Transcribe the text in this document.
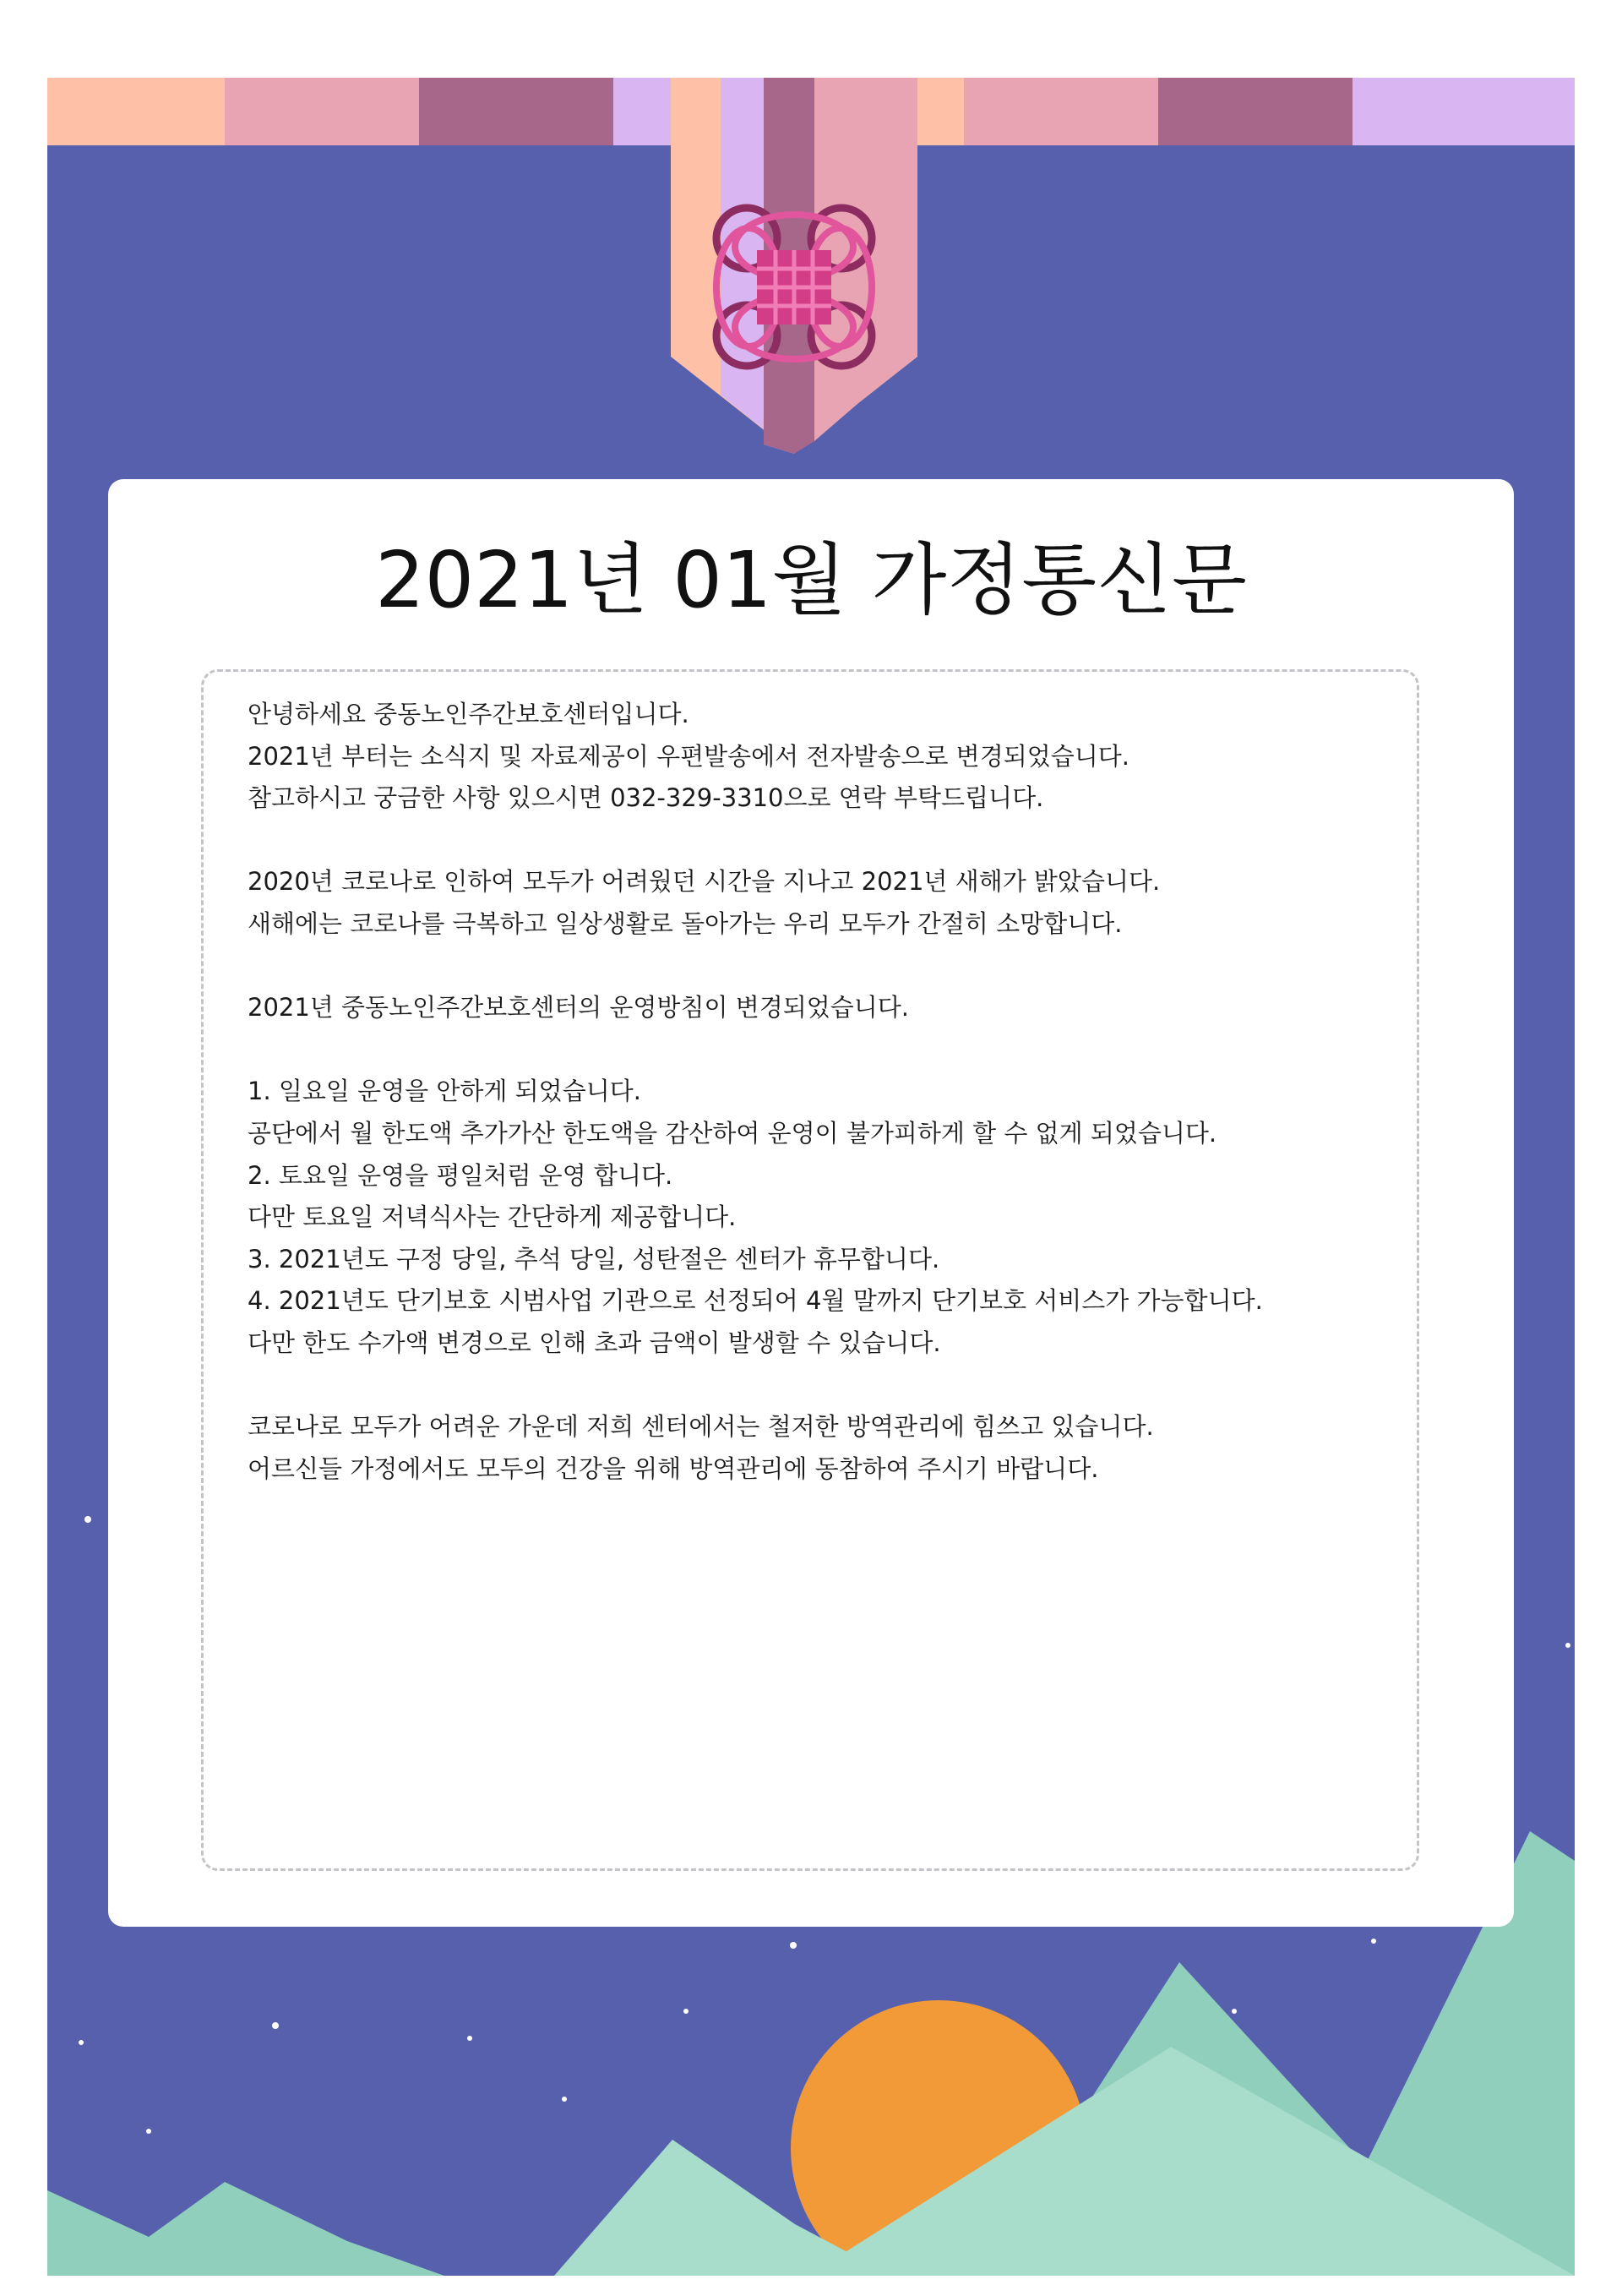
2021년 01월 가정통신문

안녕하세요 중동노인주간보호센터입니다.

2021년 부터는 소식지 및 자료제공이 우편발송에서 전자발송으로 변경되었습니다.

참고하시고 궁금한 사항 있으시면 032-329-3310으로 연락 부탁드립니다.

2020년 코로나로 인하여 모두가 어려웠던 시간을 지나고 2021년 새해가 밝았습니다.

새해에는 코로나를 극복하고 일상생활로 돌아가는 우리 모두가 간절히 소망합니다.

2021년 중동노인주간보호센터의 운영방침이 변경되었습니다.

1. 일요일 운영을 안하게 되었습니다.

공단에서 월 한도액 추가가산 한도액을 감산하여 운영이 불가피하게 할 수 없게 되었습니다.

2. 토요일 운영을 평일처럼 운영 합니다.

다만 토요일 저녁식사는 간단하게 제공합니다.

3. 2021년도 구정 당일, 추석 당일, 성탄절은 센터가 휴무합니다.

4. 2021년도 단기보호 시범사업 기관으로 선정되어 4월 말까지 단기보호 서비스가 가능합니다.

다만 한도 수가액 변경으로 인해 초과 금액이 발생할 수 있습니다.

코로나로 모두가 어려운 가운데 저희 센터에서는 철저한 방역관리에 힘쓰고 있습니다.

어르신들 가정에서도 모두의 건강을 위해 방역관리에 동참하여 주시기 바랍니다.
